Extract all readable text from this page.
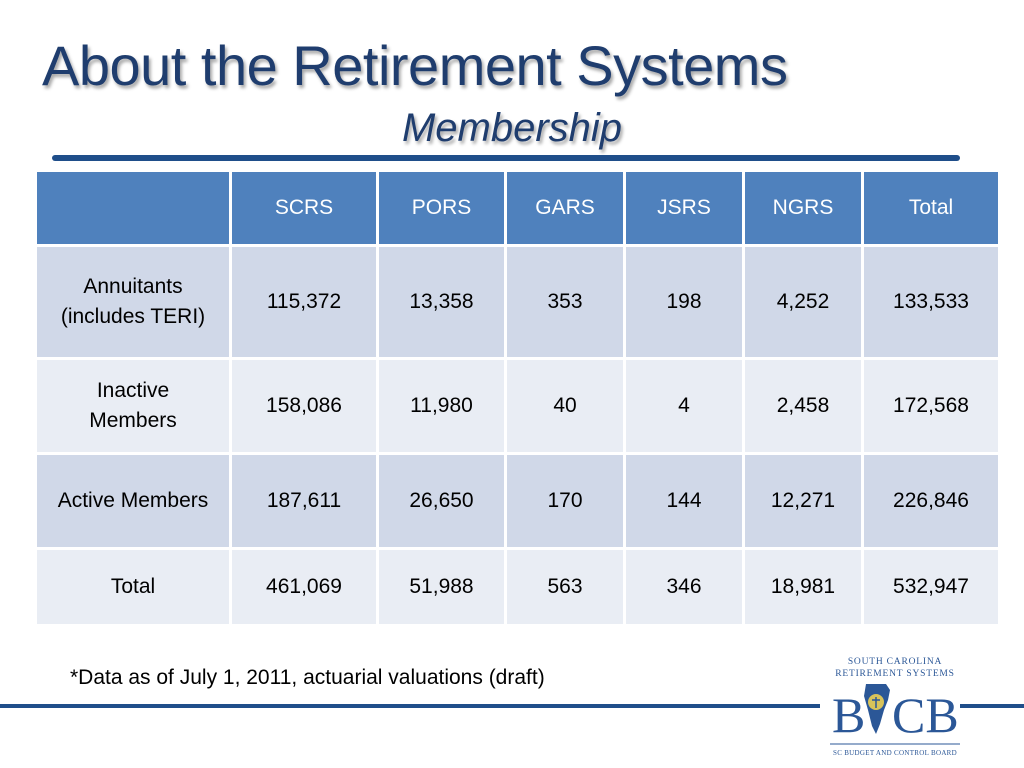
About the Retirement Systems
Membership
	SCRS	PORS	GARS	JSRS	NGRS	Total
Annuitants (includes TERI)	115,372	13,358	353	198	4,252	133,533
Inactive Members	158,086	11,980	40	4	2,458	172,568
Active Members	187,611	26,650	170	144	12,271	226,846
Total	461,069	51,988	563	346	18,981	532,947
*Data as of July 1, 2011, actuarial valuations (draft)
SOUTH CAROLINA
RETIREMENT SYSTEMS
B CB
SC BUDGET AND CONTROL BOARD
